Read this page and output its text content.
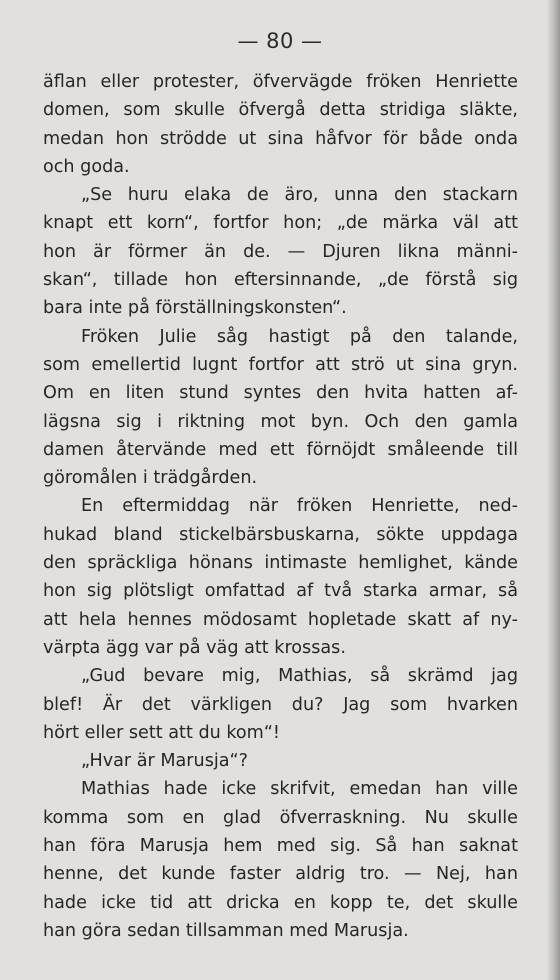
— 80 —
äflan eller protester, öfvervägde fröken Henriette
domen, som skulle öfvergå detta stridiga släkte,
medan hon strödde ut sina håfvor för både onda
och goda.
„Se huru elaka de äro, unna den stackarn
knapt ett korn“, fortfor hon; „de märka väl att
hon är förmer än de. — Djuren likna männi-
skan“, tillade hon eftersinnande, „de förstå sig
bara inte på förställningskonsten“.
Fröken Julie såg hastigt på den talande,
som emellertid lugnt fortfor att strö ut sina gryn.
Om en liten stund syntes den hvita hatten af-
lägsna sig i riktning mot byn. Och den gamla
damen återvände med ett förnöjdt småleende till
göromålen i trädgården.
En eftermiddag när fröken Henriette, ned-
hukad bland stickelbärsbuskarna, sökte uppdaga
den spräckliga hönans intimaste hemlighet, kände
hon sig plötsligt omfattad af två starka armar, så
att hela hennes mödosamt hopletade skatt af ny-
värpta ägg var på väg att krossas.
„Gud bevare mig, Mathias, så skrämd jag
blef! Är det värkligen du? Jag som hvarken
hört eller sett att du kom“!
„Hvar är Marusja“?
Mathias hade icke skrifvit, emedan han ville
komma som en glad öfverraskning. Nu skulle
han föra Marusja hem med sig. Så han saknat
henne, det kunde faster aldrig tro. — Nej, han
hade icke tid att dricka en kopp te, det skulle
han göra sedan tillsamman med Marusja.
